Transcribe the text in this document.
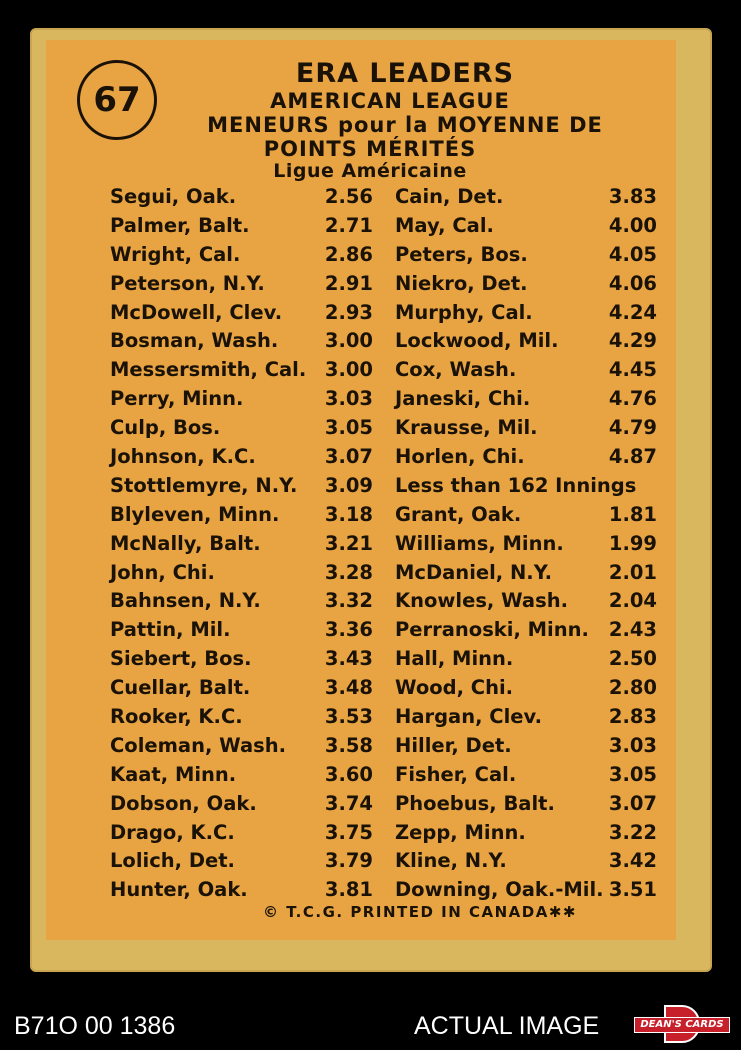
67
ERA LEADERS
AMERICAN LEAGUE
MENEURS pour la MOYENNE DE
POINTS MÉRITÉS
Ligue Américaine
Segui, Oak.	2.56
Palmer, Balt.	2.71
Wright, Cal.	2.86
Peterson, N.Y.	2.91
McDowell, Clev. 2.93
Bosman, Wash. 3.00
Messersmith, Cal. 3.00
Perry, Minn.	3.03
Culp, Bos.	3.05
Johnson, K.C.	3.07
Stottlemyre, N.Y. 3.09
Blyleven, Minn. 3.18
McNally, Balt.	3.21
John, Chi.	3.28
Bahnsen, N.Y.	3.32
Pattin, Mil.	3.36
Siebert, Bos.	3.43
Cuellar, Balt.	3.48
Rooker, K.C.	3.53
Coleman, Wash. 3.58
Kaat, Minn.	3.60
Dobson, Oak.	3.74
Drago, K.C.	3.75
Lolich, Det.	3.79
Hunter, Oak.	3.81
Cain, Det.	3.83
May, Cal.	4.00
Peters, Bos.	4.05
Niekro, Det.	4.06
Murphy, Cal.	4.24
Lockwood, Mil.	4.29
Cox, Wash.	4.45
Janeski, Chi.	4.76
Krausse, Mil.	4.79
Horlen, Chi.	4.87
Less than 162 Innings
Grant, Oak.	1.81
Williams, Minn. 1.99
McDaniel, N.Y.	2.01
Knowles, Wash. 2.04
Perranoski, Minn. 2.43
Hall, Minn.	2.50
Wood, Chi.	2.80
Hargan, Clev.	2.83
Hiller, Det.	3.03
Fisher, Cal.	3.05
Phoebus, Balt.	3.07
Zepp, Minn.	3.22
Kline, N.Y.	3.42
Downing, Oak.-Mil. 3.51
© T.C.G. PRINTED IN CANADA✱✱
B71O 00 1386	ACTUAL IMAGE	DEAN'S CARDS
